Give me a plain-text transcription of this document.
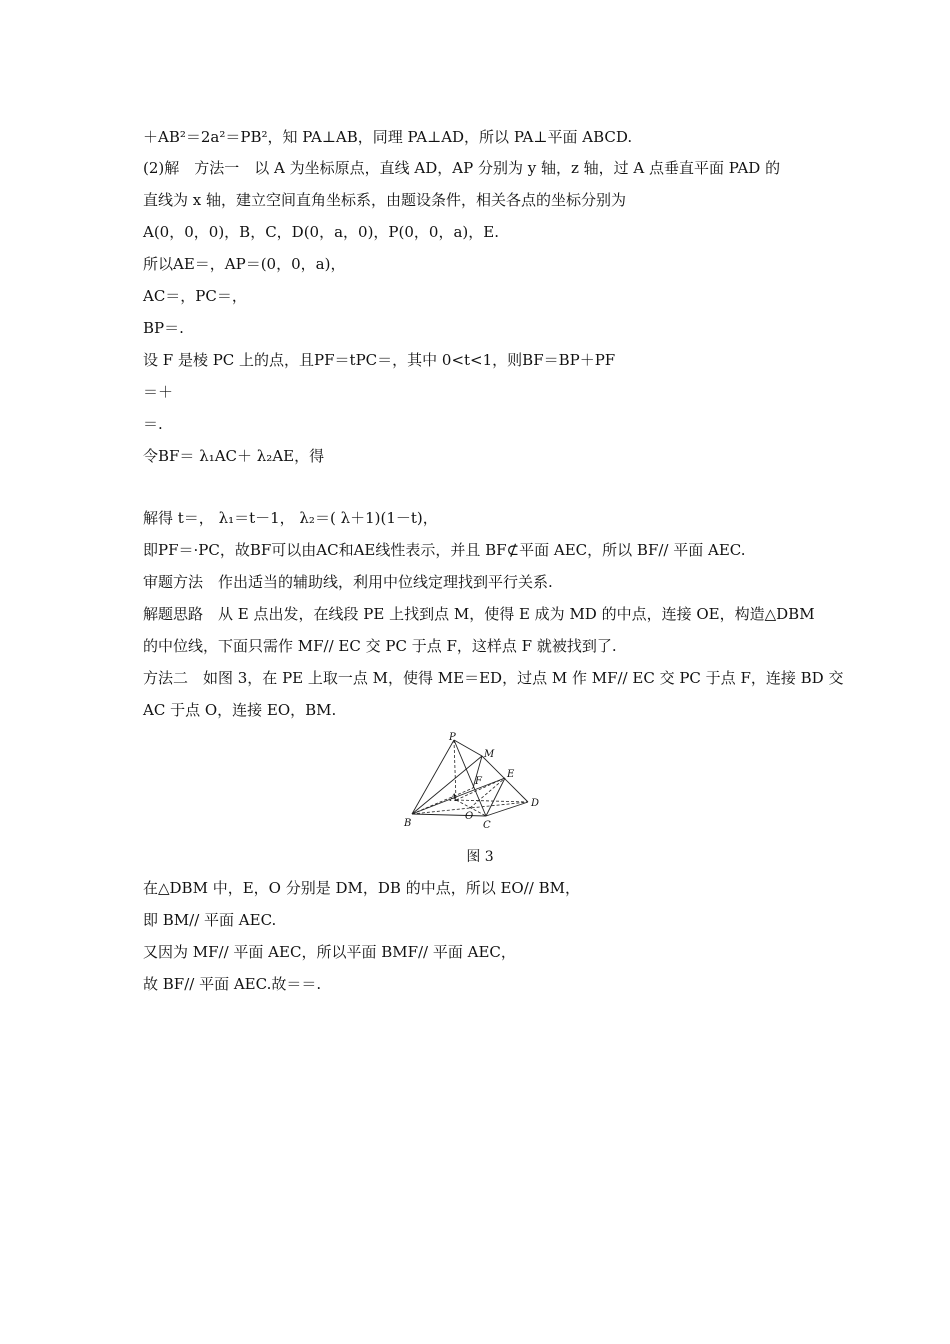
＋AB²＝2a²＝PB²，知 PA⊥AB，同理 PA⊥AD，所以 PA⊥平面 ABCD.
(2)解　方法一　以 A 为坐标原点，直线 AD，AP 分别为 y 轴，z 轴，过 A 点垂直平面 PAD 的
直线为 x 轴，建立空间直角坐标系，由题设条件，相关各点的坐标分别为
A(0，0，0)，B，C，D(0，a，0)，P(0，0，a)，E.
所以AE＝，AP＝(0，0，a)，
AC＝，PC＝，
BP＝.
设 F 是棱 PC 上的点，且PF＝tPC＝，其中 0<t<1，则BF＝BP＋PF
＝＋
＝.
令BF＝ λ₁AC＋ λ₂AE，得
解得 t＝， λ₁＝t－1， λ₂＝( λ＋1)(1－t)，
即PF＝·PC，故BF可以由AC和AE线性表示，并且 BF⊄平面 AEC，所以 BF// 平面 AEC.
审题方法　作出适当的辅助线，利用中位线定理找到平行关系.
解题思路　从 E 点出发，在线段 PE 上找到点 M，使得 E 成为 MD 的中点，连接 OE，构造△DBM
的中位线，下面只需作 MF// EC 交 PC 于点 F，这样点 F 就被找到了.
方法二　如图 3，在 PE 上取一点 M，使得 ME＝ED，过点 M 作 MF// EC 交 PC 于点 F，连接 BD 交
AC 于点 O，连接 EO，BM.
P
M
F
E
A	D
O
B	C
图 3
在△DBM 中，E，O 分别是 DM，DB 的中点，所以 EO// BM，
即 BM// 平面 AEC.
又因为 MF// 平面 AEC，所以平面 BMF// 平面 AEC，
故 BF// 平面 AEC.故＝＝.
